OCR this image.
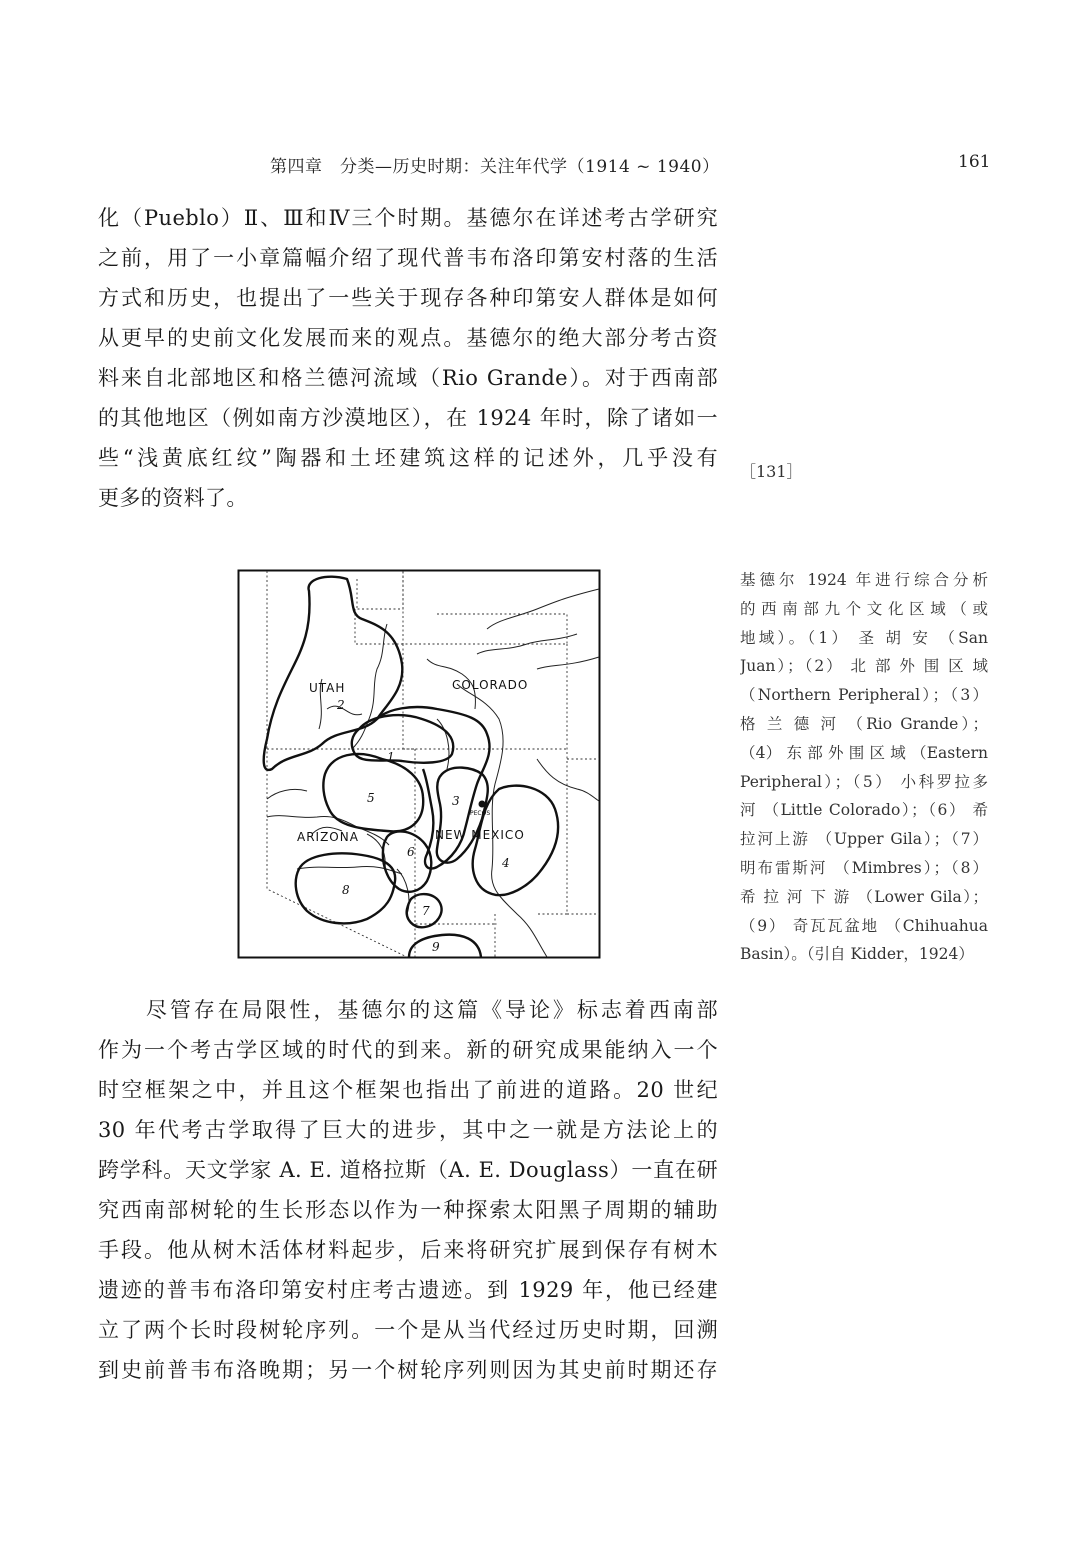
第四章　分类—历史时期：关注年代学（1914 ~ 1940）	161
化（Pueblo）Ⅱ、Ⅲ和Ⅳ三个时期。基德尔在详述考古学研究
之前，用了一小章篇幅介绍了现代普韦布洛印第安村落的生活
方式和历史，也提出了一些关于现存各种印第安人群体是如何
从更早的史前文化发展而来的观点。基德尔的绝大部分考古资
料来自北部地区和格兰德河流域（Rio Grande）。对于西南部
的其他地区（例如南方沙漠地区），在 1924 年时，除了诸如一
些“浅黄底红纹”陶器和土坯建筑这样的记述外，几乎没有
更多的资料了。
［131］
UTAH	COLORADO
ARIZONA	NEW MEXICO
PECOS
1
2
3
4
5
6
7
8
9
基德尔 1924 年进行综合分析
的西南部九个文化区域（或
地域）。（1） 圣 胡 安 （San
Juan）；（2） 北 部 外 围 区 域
（Northern Peripheral）；（3）
格 兰 德 河 （Rio Grande）；
（4） 东 部 外 围 区 域 （Eastern
Peripheral）；（5） 小科罗拉多
河 （Little Colorado）；（6） 希
拉河上游 （Upper Gila）；（7）
明布雷斯河 （Mimbres）；（8）
希 拉 河 下 游 （Lower Gila）；
（9） 奇瓦瓦盆地 （Chihuahua
Basin）。（引自 Kidder，1924）
　　尽管存在局限性，基德尔的这篇《导论》标志着西南部
作为一个考古学区域的时代的到来。新的研究成果能纳入一个
时空框架之中，并且这个框架也指出了前进的道路。20 世纪
30 年代考古学取得了巨大的进步，其中之一就是方法论上的
跨学科。天文学家 A. E. 道格拉斯（A. E. Douglass）一直在研
究西南部树轮的生长形态以作为一种探索太阳黑子周期的辅助
手段。他从树木活体材料起步，后来将研究扩展到保存有树木
遗迹的普韦布洛印第安村庄考古遗迹。到 1929 年，他已经建
立了两个长时段树轮序列。一个是从当代经过历史时期，回溯
到史前普韦布洛晚期；另一个树轮序列则因为其史前时期还存
